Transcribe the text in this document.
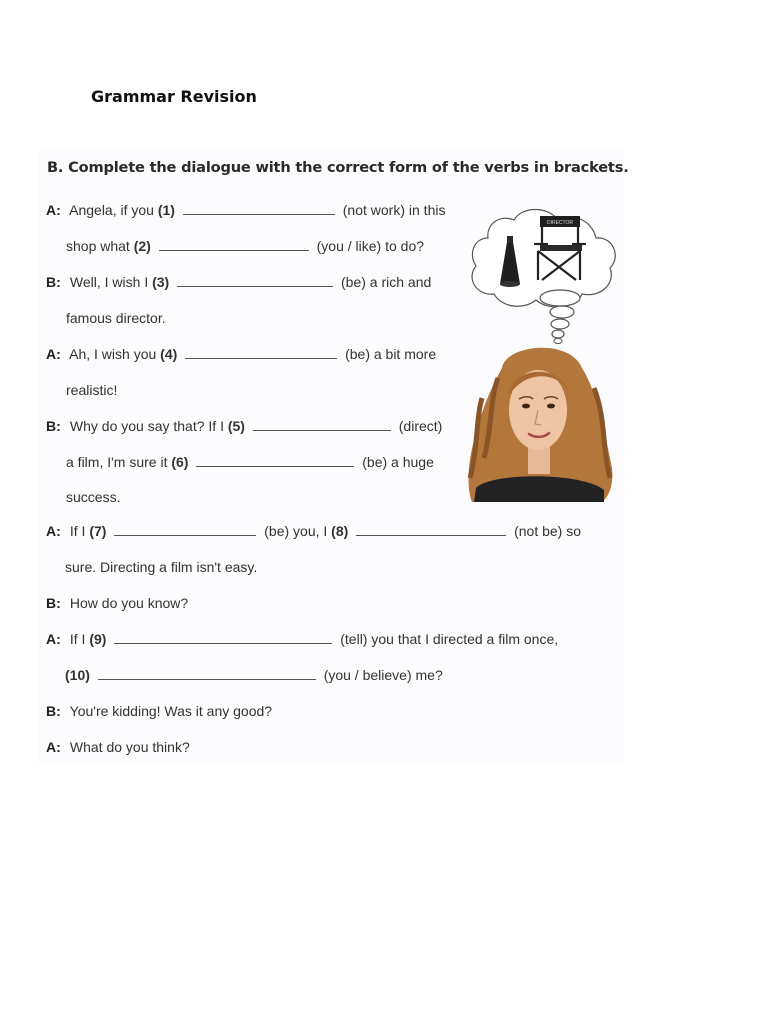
Grammar Revision
B. Complete the dialogue with the correct form of the verbs in brackets.
A: Angela, if you (1)	(not work) in this
shop what (2)	(you / like) to do?
B: Well, I wish I (3)	(be) a rich and
famous director.
A: Ah, I wish you (4)	(be) a bit more
realistic!
B: Why do you say that? If I (5)	(direct)
a film, I'm sure it (6)	(be) a huge
success.
A: If I (7)	(be) you, I (8)	(not be) so
sure. Directing a film isn't easy.
B: How do you know?
A: If I (9)	(tell) you that I directed a film once,
(10)	(you / believe) me?
B: You're kidding! Was it any good?
A: What do you think?
DIRECTOR
